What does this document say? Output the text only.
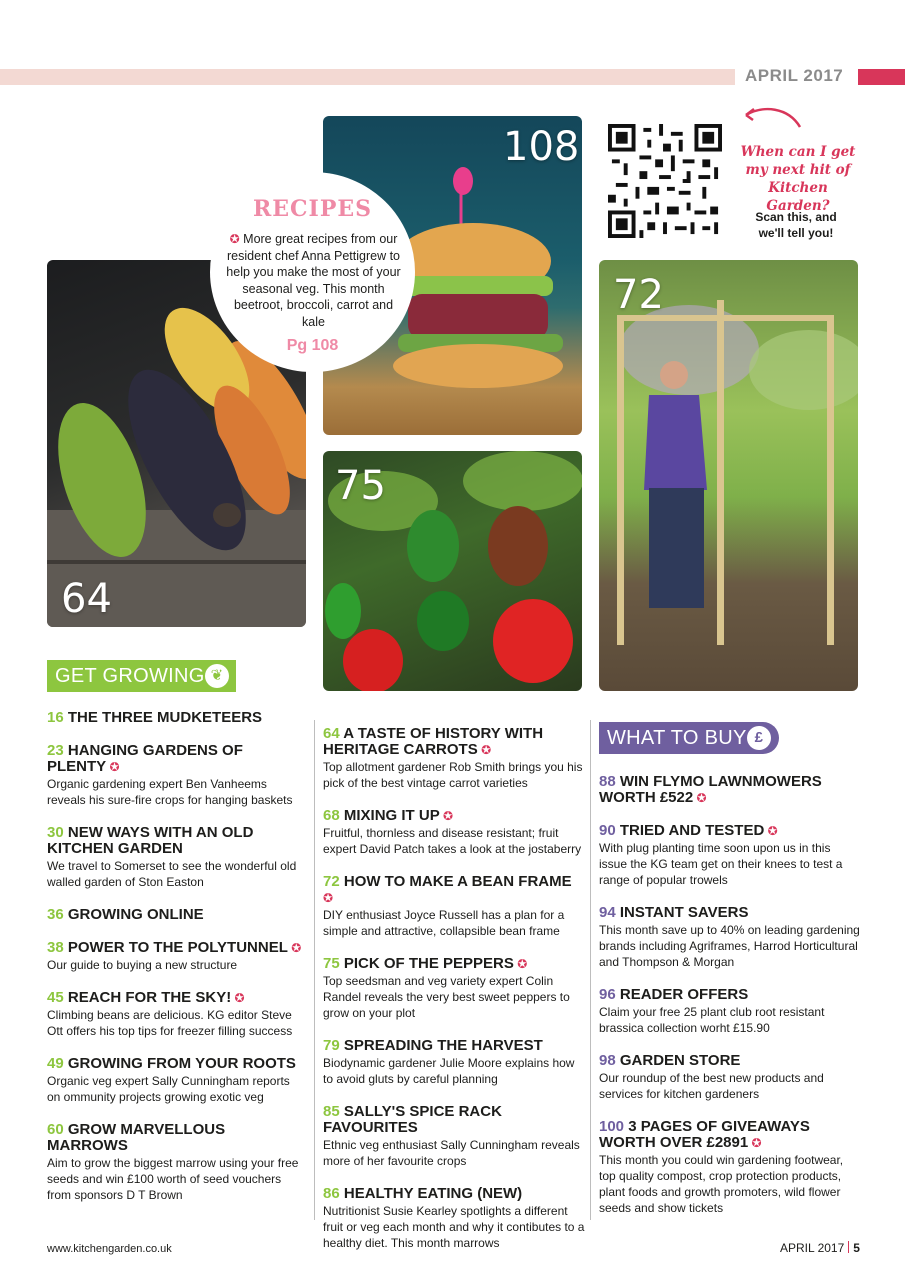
APRIL 2017
64
108
RECIPES
✪ More great recipes from our resident chef Anna Pettigrew to help you make the most of your seasonal veg. This month beetroot, broccoli, carrot and kale
Pg 108
75
When can I get my next hit of Kitchen Garden?
Scan this, and we'll tell you!
72
GET GROWING ❦
WHAT TO BUY £
16 THE THREE MUDKETEERS
23 HANGING GARDENS OF PLENTY ✪
Organic gardening expert Ben Vanheems reveals his sure-fire crops for hanging baskets
30 NEW WAYS WITH AN OLD KITCHEN GARDEN
We travel to Somerset to see the wonderful old walled garden of Ston Easton
36 GROWING ONLINE
38 POWER TO THE POLYTUNNEL ✪
Our guide to buying a new structure
45 REACH FOR THE SKY! ✪
Climbing beans are delicious. KG editor Steve Ott offers his top tips for freezer filling success
49 GROWING FROM YOUR ROOTS
Organic veg expert Sally Cunningham reports on ommunity projects growing exotic veg
60 GROW MARVELLOUS MARROWS
Aim to grow the biggest marrow using your free seeds and win £100 worth of seed vouchers from sponsors D T Brown
64 A TASTE OF HISTORY WITH HERITAGE CARROTS ✪
Top allotment gardener Rob Smith brings you his pick of the best vintage carrot varieties
68 MIXING IT UP ✪
Fruitful, thornless and disease resistant; fruit expert David Patch takes a look at the jostaberry
72 HOW TO MAKE A BEAN FRAME ✪
DIY enthusiast Joyce Russell has a plan for a simple and attractive, collapsible bean frame
75 PICK OF THE PEPPERS ✪
Top seedsman and veg variety expert Colin Randel reveals the very best sweet peppers to grow on your plot
79 SPREADING THE HARVEST
Biodynamic gardener Julie Moore explains how to avoid gluts by careful planning
85 SALLY'S SPICE RACK FAVOURITES
Ethnic veg enthusiast Sally Cunningham reveals more of her favourite crops
86 HEALTHY EATING (NEW)
Nutritionist Susie Kearley spotlights a different fruit or veg each month and why it contibutes to a healthy diet. This month marrows
88 WIN FLYMO LAWNMOWERS WORTH £522 ✪
90 TRIED AND TESTED ✪
With plug planting time soon upon us in this issue the KG team get on their knees to test a range of popular trowels
94 INSTANT SAVERS
This month save up to 40% on leading gardening brands including Agriframes, Harrod Horticultural and Thompson & Morgan
96 READER OFFERS
Claim your free 25 plant club root resistant brassica collection worht £15.90
98 GARDEN STORE
Our roundup of the best new products and services for kitchen gardeners
100 3 PAGES OF GIVEAWAYS WORTH OVER £2891 ✪
This month you could win gardening footwear, top quality compost, crop protection products, plant foods and growth promoters, wild flower seeds and show tickets
www.kitchengarden.co.uk	APRIL 2017 5
